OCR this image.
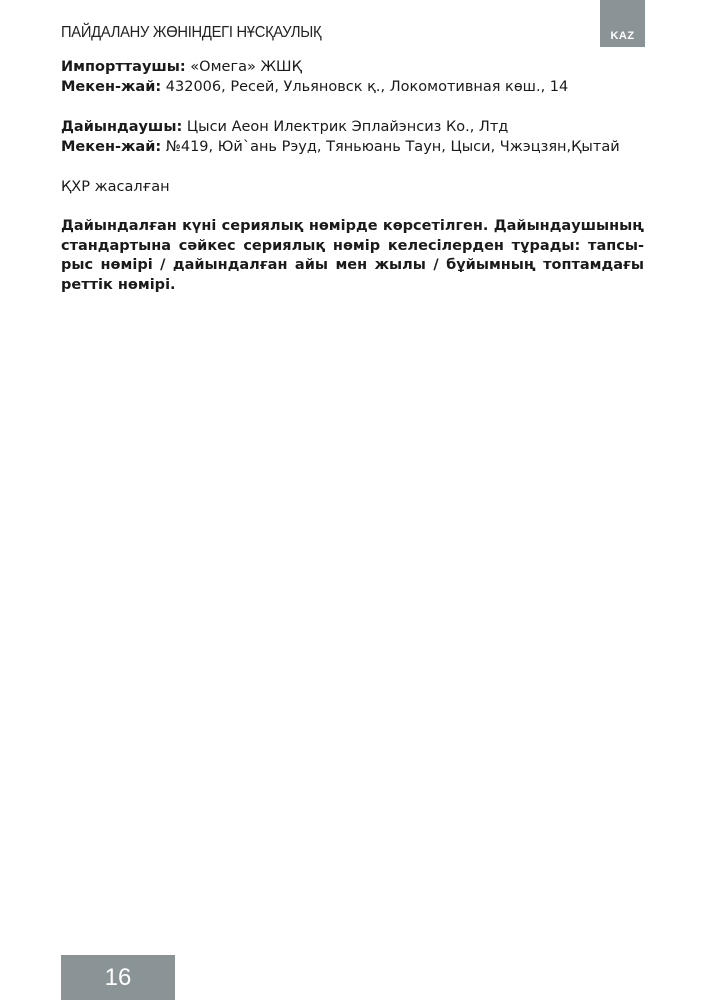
ПАЙДАЛАНУ ЖӨНІНДЕГІ НҰСҚАУЛЫҚ	KAZ
Импорттаушы: «Омега» ЖШҚ
Мекен-жай: 432006, Ресей, Ульяновск қ., Локомотивная көш., 14
Дайындаушы: Цыси Аеон Илектрик Эплайэнсиз Ко., Лтд
Мекен-жай: №419, Юй`ань Рэуд, Тяньюань Таун, Цыси, Чжэцзян,Қытай
ҚХР жасалған
Дайындалған күні сериялық нөмірде көрсетілген. Дайындаушының стандартына сәйкес сериялық нөмір келесілерден тұрады: тапсы-рыс нөмірі / дайындалған айы мен жылы / бұйымның топтамдағы реттік нөмірі.
16
